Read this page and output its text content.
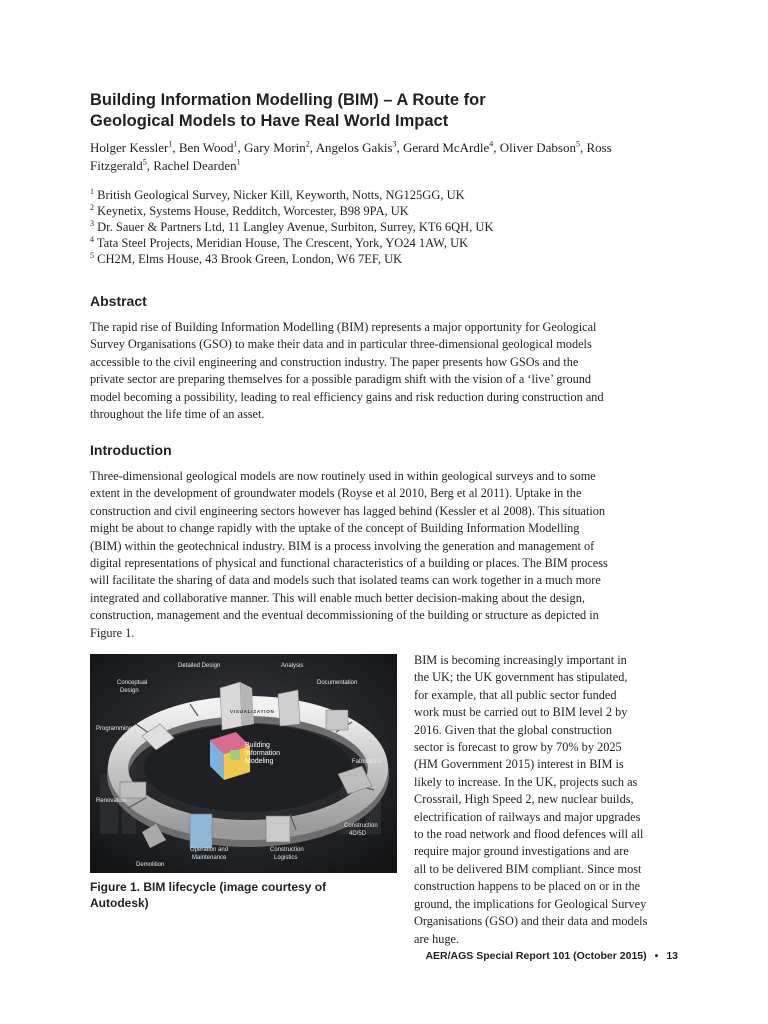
Building Information Modelling (BIM) – A Route for
Geological Models to Have Real World Impact
Holger Kessler$^1$, Ben Wood$^1$, Gary Morin$^2$, Angelos Gakis$^3$, Gerard McArdle$^4$, Oliver Dabson$^5$, Ross
Fitzgerald$^5$, Rachel Dearden$^1$
$^1$ British Geological Survey, Nicker Kill, Keyworth, Notts, NG125GG, UK
$^2$ Keynetix, Systems House, Redditch, Worcester, B98 9PA, UK
$^3$ Dr. Sauer & Partners Ltd, 11 Langley Avenue, Surbiton, Surrey, KT6 6QH, UK
$^4$ Tata Steel Projects, Meridian House, The Crescent, York, YO24 1AW, UK
$^5$ CH2M, Elms House, 43 Brook Green, London, W6 7EF, UK
Abstract
The rapid rise of Building Information Modelling (BIM) represents a major opportunity for Geological
Survey Organisations (GSO) to make their data and in particular three-dimensional geological models
accessible to the civil engineering and construction industry. The paper presents how GSOs and the
private sector are preparing themselves for a possible paradigm shift with the vision of a ‘live’ ground
model becoming a possibility, leading to real efficiency gains and risk reduction during construction and
throughout the life time of an asset.
Introduction
Three-dimensional geological models are now routinely used in within geological surveys and to some
extent in the development of groundwater models (Royse et al 2010, Berg et al 2011). Uptake in the
construction and civil engineering sectors however has lagged behind (Kessler et al 2008). This situation
might be about to change rapidly with the uptake of the concept of Building Information Modelling
(BIM) within the geotechnical industry. BIM is a process involving the generation and management of
digital representations of physical and functional characteristics of a building or places. The BIM process
will facilitate the sharing of data and models such that isolated teams can work together in a much more
integrated and collaborative manner. This will enable much better decision-making about the design,
construction, management and the eventual decommissioning of the building or structure as depicted in
Figure 1.
Detailed Design	Analysis
Conceptual
Design
Documentation
Programming
VISUALIZATION
Building
Information
Modeling	Fabrication
Renovation
Construction
4D/5D
Operation and
Maintenance
Construction
Logistics
Demolition
Figure 1. BIM lifecycle (image courtesy of
Autodesk)
BIM is becoming increasingly important in
the UK; the UK government has stipulated,
for example, that all public sector funded
work must be carried out to BIM level 2 by
2016. Given that the global construction
sector is forecast to grow by 70% by 2025
(HM Government 2015) interest in BIM is
likely to increase. In the UK, projects such as
Crossrail, High Speed 2, new nuclear builds,
electrification of railways and major upgrades
to the road network and flood defences will all
require major ground investigations and are
all to be delivered BIM compliant. Since most
construction happens to be placed on or in the
ground, the implications for Geological Survey
Organisations (GSO) and their data and models
are huge.
AER/AGS Special Report 101 (October 2015) • 13
